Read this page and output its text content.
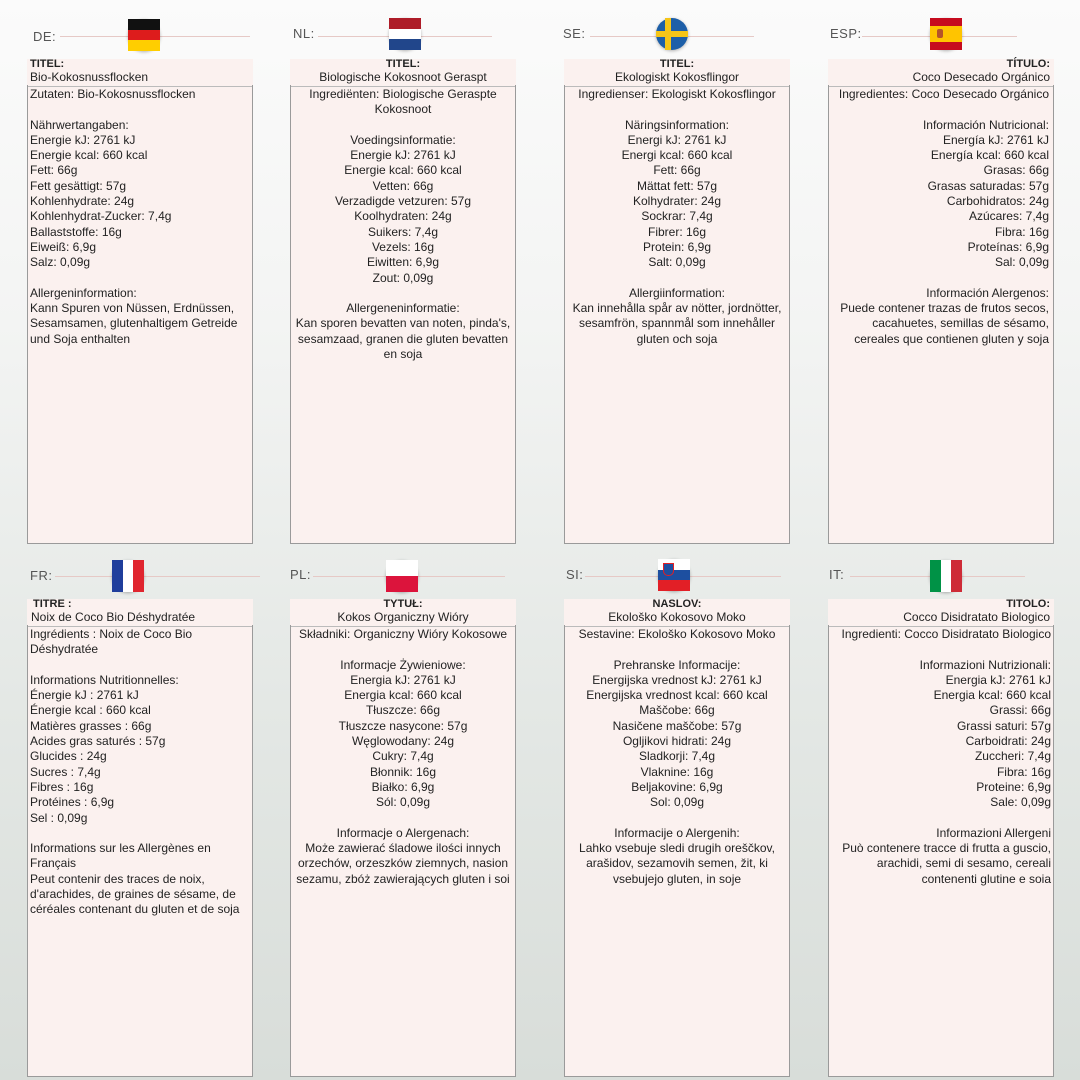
DE:	NL:	SE:	ESP:
TITEL:
Bio-Kokosnussflocken
Zutaten: Bio-Kokosnussflocken

Nährwertangaben:
Energie kJ: 2761 kJ
Energie kcal: 660 kcal
Fett: 66g
Fett gesättigt: 57g
Kohlenhydrate: 24g
Kohlenhydrat-Zucker: 7,4g
Ballaststoffe: 16g
Eiweiß: 6,9g
Salz: 0,09g

Allergeninformation:
Kann Spuren von Nüssen, Erdnüssen, Sesamsamen, glutenhaltigem Getreide und Soja enthalten
TITEL:
Biologische Kokosnoot Geraspt
Ingrediënten: Biologische Geraspte Kokosnoot

Voedingsinformatie:
Energie kJ: 2761 kJ
Energie kcal: 660 kcal
Vetten: 66g
Verzadigde vetzuren: 57g
Koolhydraten: 24g
Suikers: 7,4g
Vezels: 16g
Eiwitten: 6,9g
Zout: 0,09g

Allergeneninformatie:
Kan sporen bevatten van noten, pinda's, sesamzaad, granen die gluten bevatten en soja
TITEL:
Ekologiskt Kokosflingor
Ingredienser: Ekologiskt Kokosflingor

Näringsinformation:
Energi kJ: 2761 kJ
Energi kcal: 660 kcal
Fett: 66g
Mättat fett: 57g
Kolhydrater: 24g
Sockrar: 7,4g
Fibrer: 16g
Protein: 6,9g
Salt: 0,09g

Allergiinformation:
Kan innehålla spår av nötter, jordnötter, sesamfrön, spannmål som innehåller gluten och soja
TÍTULO:
Coco Desecado Orgánico
Ingredientes: Coco Desecado Orgánico

Información Nutricional:
Energía kJ: 2761 kJ
Energía kcal: 660 kcal
Grasas: 66g
Grasas saturadas: 57g
Carbohidratos: 24g
Azúcares: 7,4g
Fibra: 16g
Proteínas: 6,9g
Sal: 0,09g

Información Alergenos:
Puede contener trazas de frutos secos, cacahuetes, semillas de sésamo, cereales que contienen gluten y soja
FR:	PL:	SI:	IT:
TITRE :
Noix de Coco Bio Déshydratée
Ingrédients : Noix de Coco Bio Déshydratée

Informations Nutritionnelles:
Énergie kJ : 2761 kJ
Énergie kcal : 660 kcal
Matières grasses : 66g
Acides gras saturés : 57g
Glucides : 24g
Sucres : 7,4g
Fibres : 16g
Protéines : 6,9g
Sel : 0,09g

Informations sur les Allergènes en Français
Peut contenir des traces de noix, d'arachides, de graines de sésame, de céréales contenant du gluten et de soja
TYTUŁ:
Kokos Organiczny Wióry
Składniki: Organiczny Wióry Kokosowe

Informacje Żywieniowe:
Energia kJ: 2761 kJ
Energia kcal: 660 kcal
Tłuszcze: 66g
Tłuszcze nasycone: 57g
Węglowodany: 24g
Cukry: 7,4g
Błonnik: 16g
Białko: 6,9g
Sól: 0,09g

Informacje o Alergenach:
Może zawierać śladowe ilości innych orzechów, orzeszków ziemnych, nasion sezamu, zbóż zawierających gluten i soi
NASLOV:
Ekološko Kokosovo Moko
Sestavine: Ekološko Kokosovo Moko

Prehranske Informacije:
Energijska vrednost kJ: 2761 kJ
Energijska vrednost kcal: 660 kcal
Maščobe: 66g
Nasičene maščobe: 57g
Ogljikovi hidrati: 24g
Sladkorji: 7,4g
Vlaknine: 16g
Beljakovine: 6,9g
Sol: 0,09g

Informacije o Alergenih:
Lahko vsebuje sledi drugih oreščkov, arašidov, sezamovih semen, žit, ki vsebujejo gluten, in soje
TITOLO:
Cocco Disidratato Biologico
Ingredienti: Cocco Disidratato Biologico

Informazioni Nutrizionali:
Energia kJ: 2761 kJ
Energia kcal: 660 kcal
Grassi: 66g
Grassi saturi: 57g
Carboidrati: 24g
Zuccheri: 7,4g
Fibra: 16g
Proteine: 6,9g
Sale: 0,09g

Informazioni Allergeni
Può contenere tracce di frutta a guscio, arachidi, semi di sesamo, cereali contenenti glutine e soia
